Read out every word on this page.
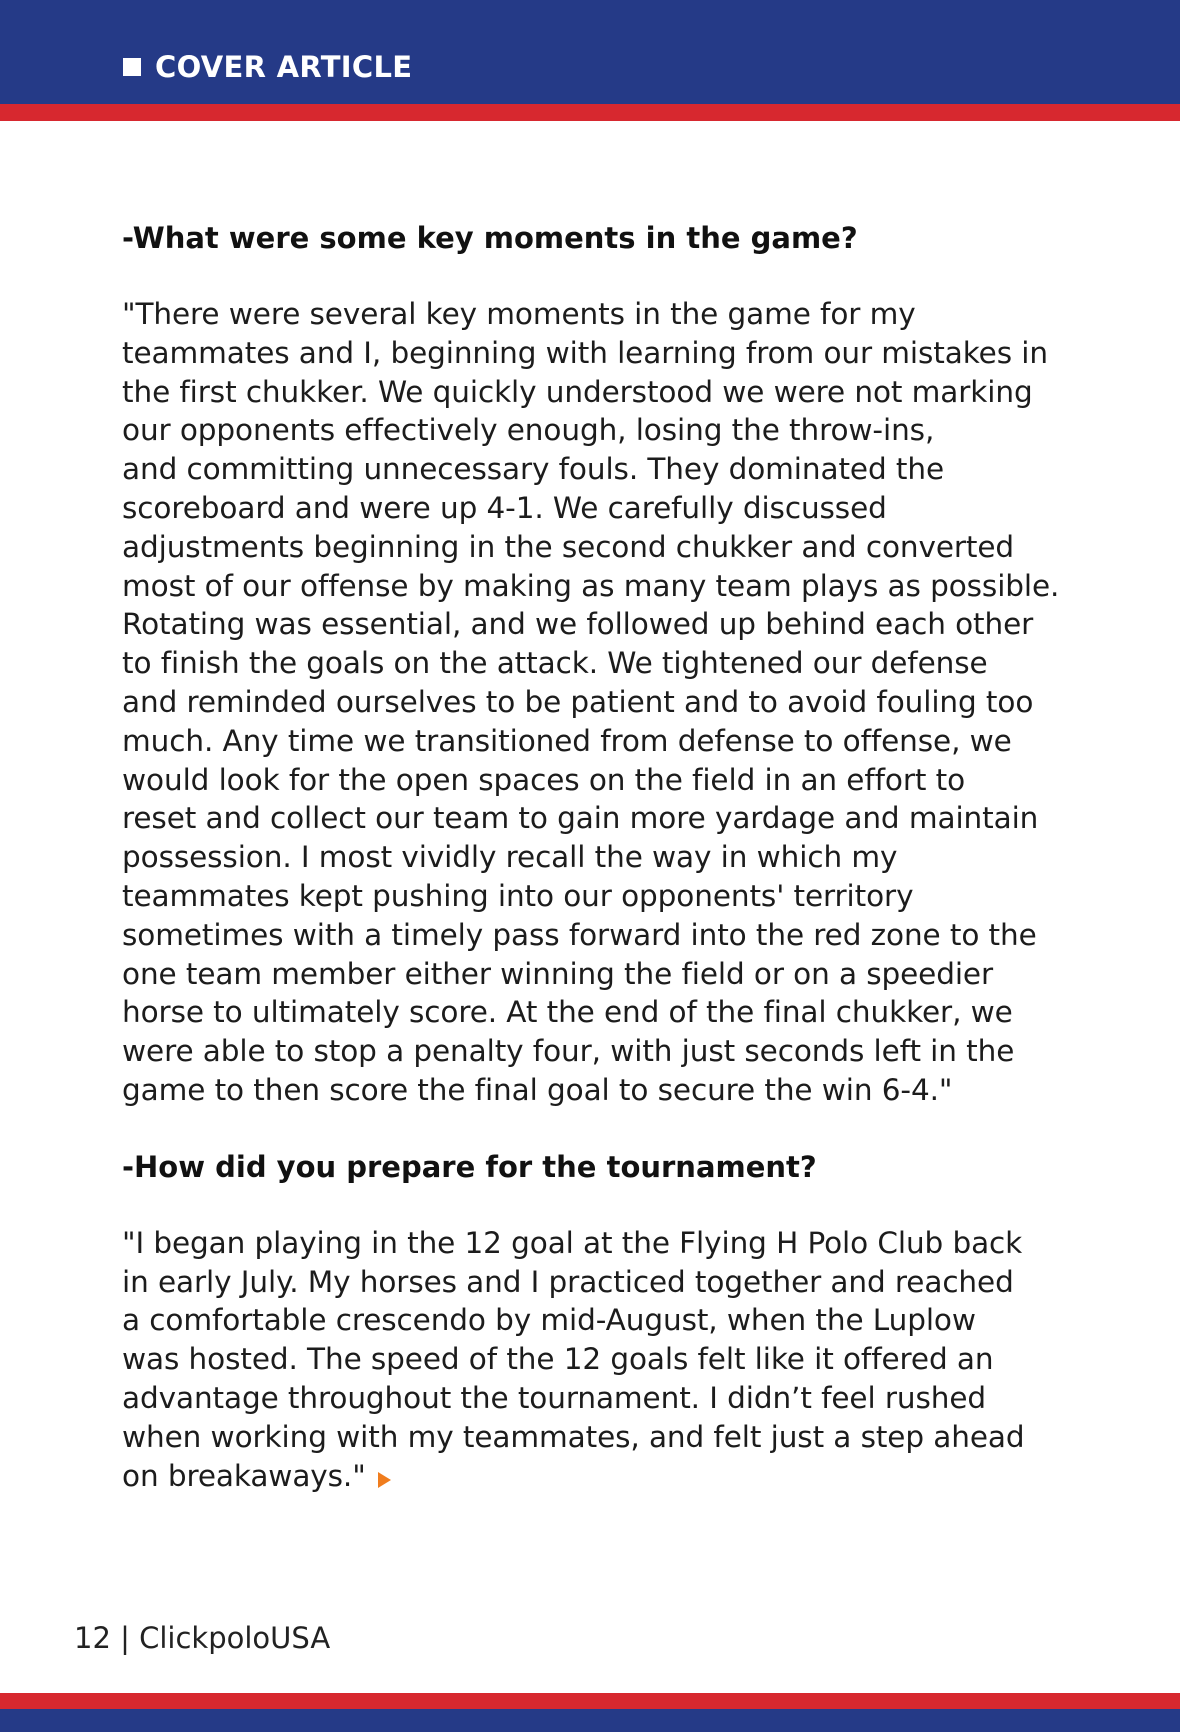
COVER ARTICLE
-What were some key moments in the game?
"There were several key moments in the game for my
teammates and I, beginning with learning from our mistakes in
the first chukker. We quickly understood we were not marking
our opponents effectively enough, losing the throw-ins,
and committing unnecessary fouls. They dominated the
scoreboard and were up 4-1. We carefully discussed
adjustments beginning in the second chukker and converted
most of our offense by making as many team plays as possible.
Rotating was essential, and we followed up behind each other
to finish the goals on the attack. We tightened our defense
and reminded ourselves to be patient and to avoid fouling too
much. Any time we transitioned from defense to offense, we
would look for the open spaces on the field in an effort to
reset and collect our team to gain more yardage and maintain
possession. I most vividly recall the way in which my
teammates kept pushing into our opponents' territory
sometimes with a timely pass forward into the red zone to the
one team member either winning the field or on a speedier
horse to ultimately score. At the end of the final chukker, we
were able to stop a penalty four, with just seconds left in the
game to then score the final goal to secure the win 6-4."
-How did you prepare for the tournament?
"I began playing in the 12 goal at the Flying H Polo Club back
in early July. My horses and I practiced together and reached
a comfortable crescendo by mid-August, when the Luplow
was hosted. The speed of the 12 goals felt like it offered an
advantage throughout the tournament. I didn’t feel rushed
when working with my teammates, and felt just a step ahead
on breakaways."
12 | ClickpoloUSA
